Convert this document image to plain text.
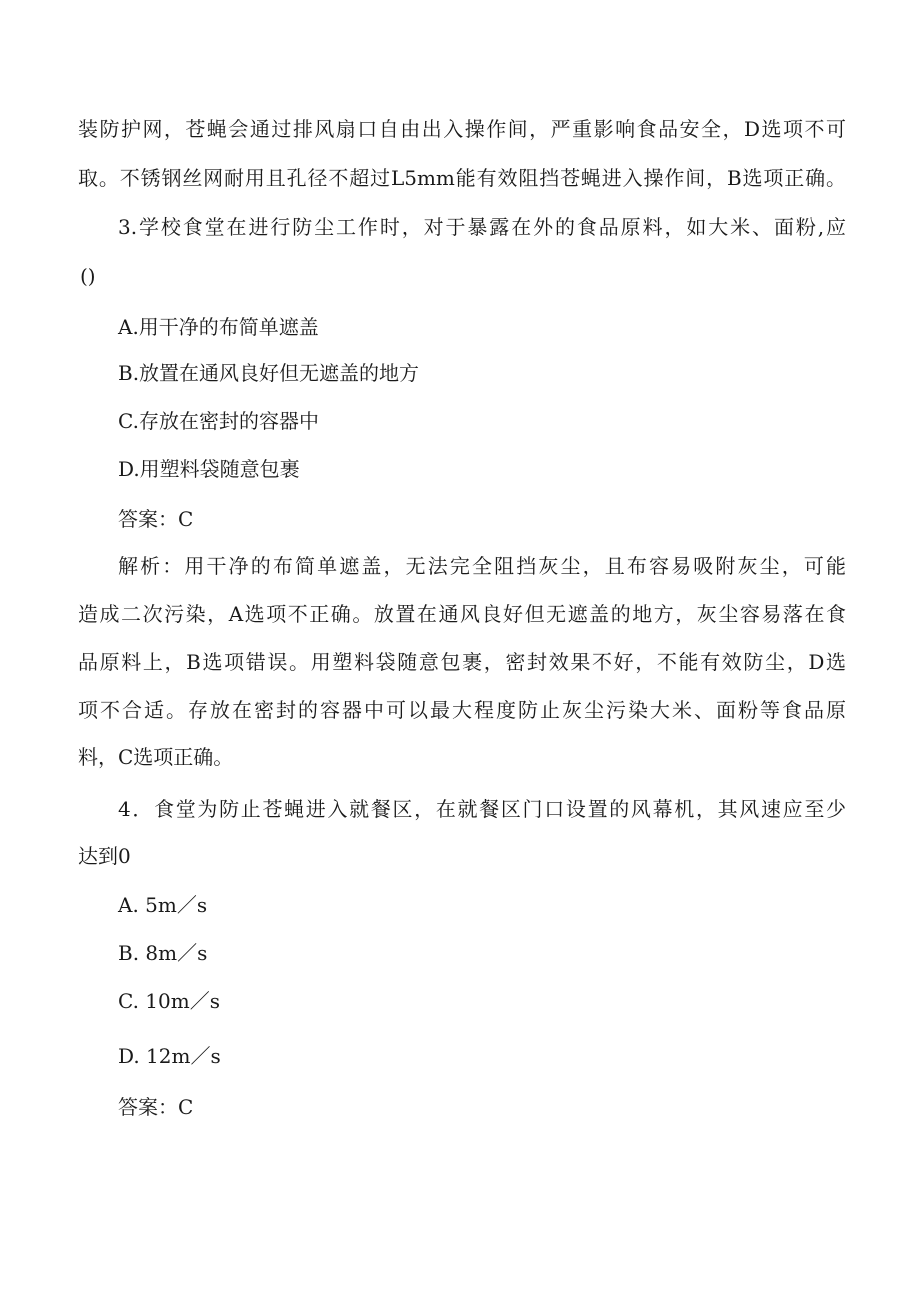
装防护网，苍蝇会通过排风扇口自由出入操作间，严重影响食品安全，D选项不可
取。不锈钢丝网耐用且孔径不超过L5mm能有效阻挡苍蝇进入操作间，B选项正确。
3.学校食堂在进行防尘工作时，对于暴露在外的食品原料，如大米、面粉,应
()
A.用干净的布简单遮盖
B.放置在通风良好但无遮盖的地方
C.存放在密封的容器中
D.用塑料袋随意包裹
答案：C
解析：用干净的布简单遮盖，无法完全阻挡灰尘，且布容易吸附灰尘，可能
造成二次污染，A选项不正确。放置在通风良好但无遮盖的地方，灰尘容易落在食
品原料上，B选项错误。用塑料袋随意包裹，密封效果不好，不能有效防尘，D选
项不合适。存放在密封的容器中可以最大程度防止灰尘污染大米、面粉等食品原
料，C选项正确。
4．食堂为防止苍蝇进入就餐区，在就餐区门口设置的风幕机，其风速应至少
达到0
A. 5m／s
B. 8m／s
C. 10m／s
D. 12m／s
答案：C
